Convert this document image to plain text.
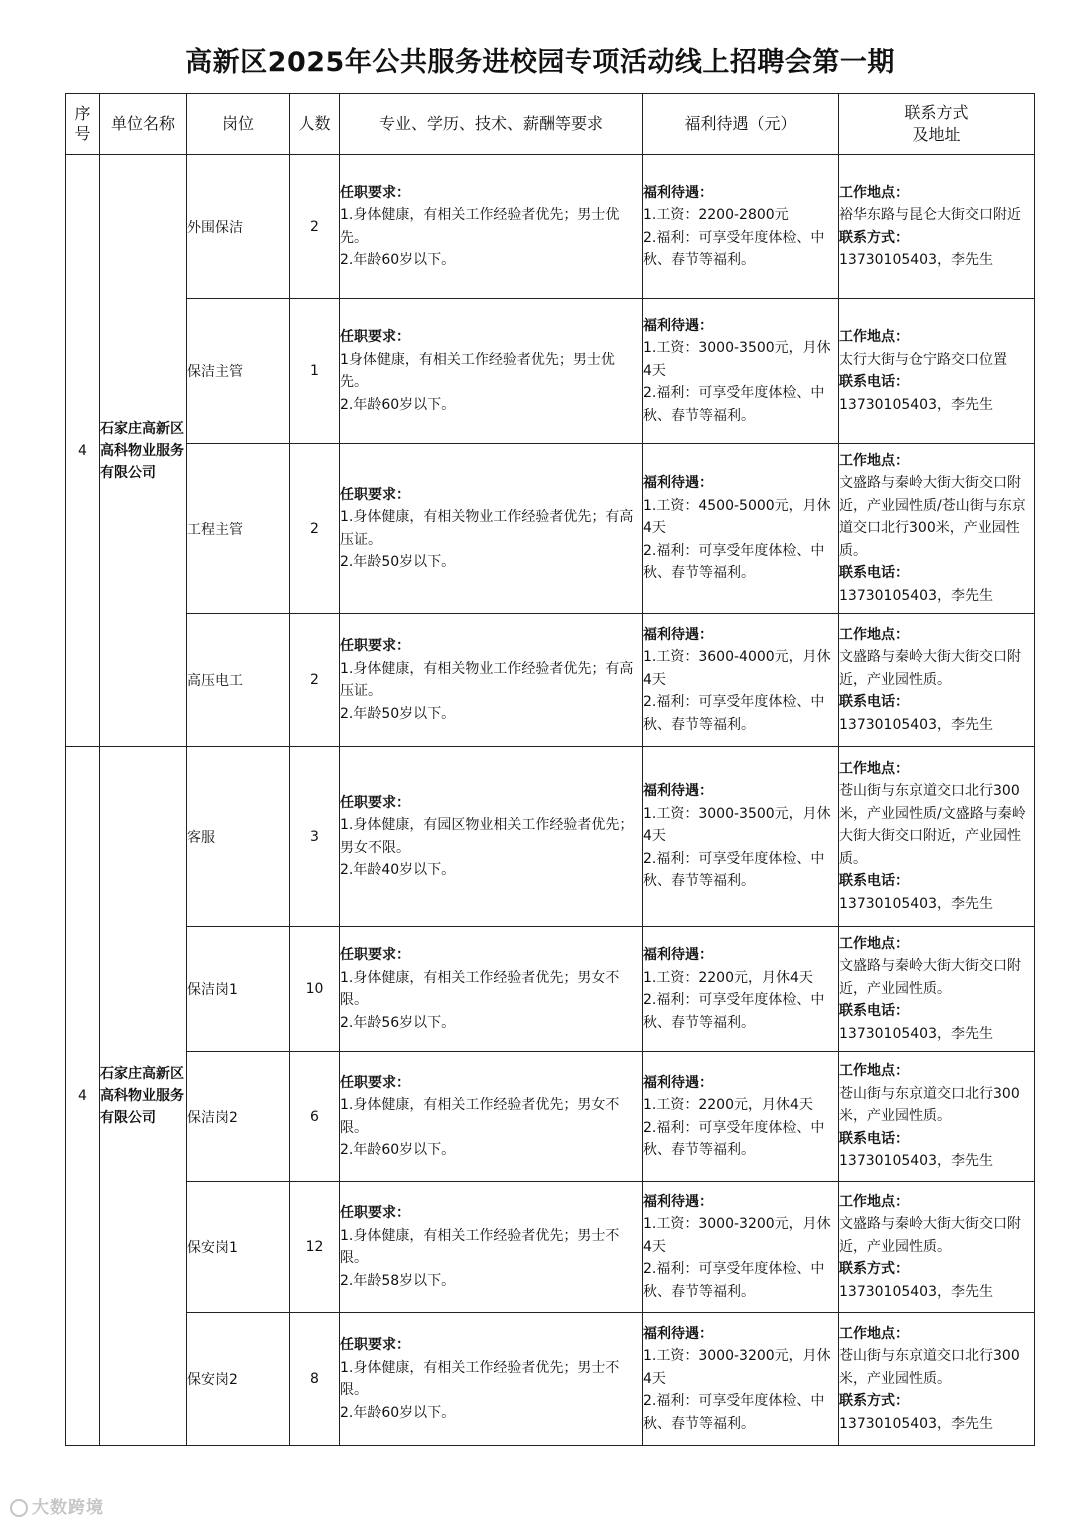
高新区2025年公共服务进校园专项活动线上招聘会第一期
序号	单位名称	岗位	人数	专业、学历、技术、薪酬等要求	福利待遇（元）	联系方式
及地址

4	石家庄高新区高科物业服务有限公司	外围保洁	2	任职要求：
1.身体健康，有相关工作经验者优先；男士优先。
2.年龄60岁以下。	福利待遇：
1.工资：2200-2800元
2.福利：可享受年度体检、中秋、春节等福利。	工作地点：
裕华东路与昆仑大街交口附近
联系方式：
13730105403，李先生

		保洁主管	1	任职要求：
1身体健康，有相关工作经验者优先；男士优先。
2.年龄60岁以下。	福利待遇：
1.工资：3000-3500元，月休4天
2.福利：可享受年度体检、中秋、春节等福利。	工作地点：
太行大街与仓宁路交口位置
联系电话：
13730105403，李先生

		工程主管	2	任职要求：
1.身体健康，有相关物业工作经验者优先；有高压证。
2.年龄50岁以下。	福利待遇：
1.工资：4500-5000元，月休4天
2.福利：可享受年度体检、中秋、春节等福利。	工作地点：
文盛路与秦岭大街大街交口附近，产业园性质/苍山街与东京道交口北行300米，产业园性质。
联系电话：
13730105403，李先生

		高压电工	2	任职要求：
1.身体健康，有相关物业工作经验者优先；有高压证。
2.年龄50岁以下。	福利待遇：
1.工资：3600-4000元，月休4天
2.福利：可享受年度体检、中秋、春节等福利。	工作地点：
文盛路与秦岭大街大街交口附近，产业园性质。
联系电话：
13730105403，李先生

4	石家庄高新区高科物业服务有限公司	客服	3	任职要求：
1.身体健康，有园区物业相关工作经验者优先；男女不限。
2.年龄40岁以下。	福利待遇：
1.工资：3000-3500元，月休4天
2.福利：可享受年度体检、中秋、春节等福利。	工作地点：
苍山街与东京道交口北行300米，产业园性质/文盛路与秦岭大街大街交口附近，产业园性质。
联系电话：
13730105403，李先生

		保洁岗1	10	任职要求：
1.身体健康，有相关工作经验者优先；男女不限。
2.年龄56岁以下。	福利待遇：
1.工资：2200元，月休4天
2.福利：可享受年度体检、中秋、春节等福利。	工作地点：
文盛路与秦岭大街大街交口附近，产业园性质。
联系电话：
13730105403，李先生

		保洁岗2	6	任职要求：
1.身体健康，有相关工作经验者优先；男女不限。
2.年龄60岁以下。	福利待遇：
1.工资：2200元，月休4天
2.福利：可享受年度体检、中秋、春节等福利。	工作地点：
苍山街与东京道交口北行300米，产业园性质。
联系电话：
13730105403，李先生

		保安岗1	12	任职要求：
1.身体健康，有相关工作经验者优先；男士不限。
2.年龄58岁以下。	福利待遇：
1.工资：3000-3200元，月休4天
2.福利：可享受年度体检、中秋、春节等福利。	工作地点：
文盛路与秦岭大街大街交口附近，产业园性质。
联系方式：
13730105403，李先生

		保安岗2	8	任职要求：
1.身体健康，有相关工作经验者优先；男士不限。
2.年龄60岁以下。	福利待遇：
1.工资：3000-3200元，月休4天
2.福利：可享受年度体检、中秋、春节等福利。	工作地点：
苍山街与东京道交口北行300米，产业园性质。
联系方式：
13730105403，李先生
大数跨境
